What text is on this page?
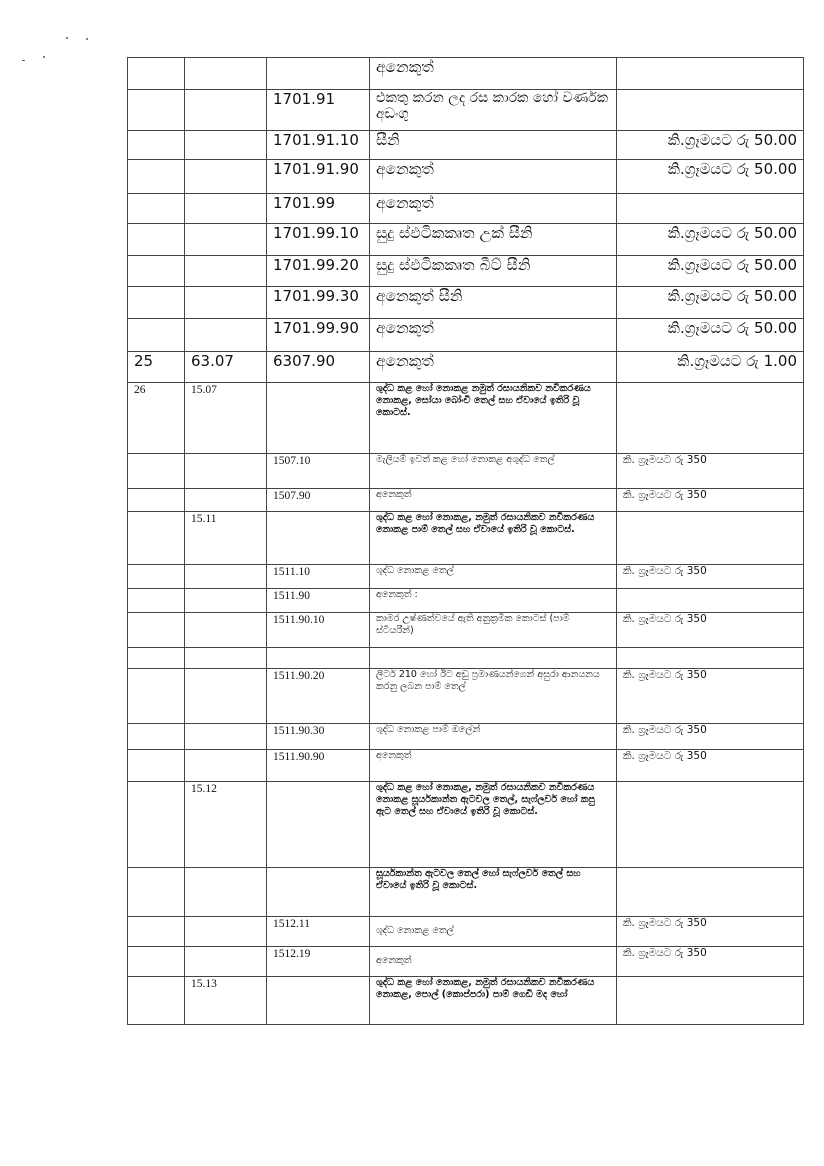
			අනෙකුත්	
		1701.91	එකතු කරන ලද රස කාරක හෝ වර්ණක අඩංගු	
		1701.91.10	සීනි	කි.ග්‍රෑමයට රු 50.00
		1701.91.90	අනෙකුත්	කි.ග්‍රෑමයට රු 50.00
		1701.99	අනෙකුත්	
		1701.99.10	සුදු ස්ඵටිකකෘත උක් සීනි	කි.ග්‍රෑමයට රු 50.00
		1701.99.20	සුදු ස්ඵටිකකෘත බීට් සීනි	කි.ග්‍රෑමයට රු 50.00
		1701.99.30	අනෙකුත් සීනි	කි.ග්‍රෑමයට රු 50.00
		1701.99.90	අනෙකුත්	කි.ග්‍රෑමයට රු 50.00
25	63.07	6307.90	අනෙකුත්	කි.ග්‍රෑමයට රු 1.00
26	15.07		ශුද්ධ කළ හෝ නොකළ නමුත් රසායනිකව නවීකරණය නොකළ, සෝයා බෝංචි තෙල් සහ ඒවායේ ඉතිරි වූ කොටස්.	
		1507.10	මැලියම් ඉවත් කළ හෝ නොකළ අශුද්ධ තෙල්	කි. ග්‍රෑමයට රු 350
		1507.90	අනෙකුත්	කි. ග්‍රෑමයට රු 350
	15.11		ශුද්ධ කළ හෝ නොකළ, නමුත් රසායනිකව නවීකරණය නොකළ පාම් තෙල් සහ ඒවායේ ඉතිරි වූ කොටස්.	
		1511.10	ශුද්ධ නොකළ තෙල්	කි. ග්‍රෑමයට රු 350
		1511.90	අනෙකුත් :	
		1511.90.10	කාමර උෂ්ණත්වයේ ඇති අනුක්‍රමික කොටස් (පාම් ස්ටියරීන්)	කි. ග්‍රෑමයට රු 350

		1511.90.20	ලීටර් 210 හෝ ඊට අඩු ප්‍රමාණයන්ගෙන් අසුරා ආනයනය කරනු ලබන පාම් තෙල්	කි. ග්‍රෑමයට රු 350
		1511.90.30	ශුද්ධ නොකළ පාම් ඔලේන්	කි. ග්‍රෑමයට රු 350
		1511.90.90	අනෙකුත්	කි. ග්‍රෑමයට රු 350
	15.12		ශුද්ධ කළ හෝ නොකළ, නමුත් රසායනිකව නවීකරණය නොකළ සූර්යකාන්ත ඇටවල තෙල්, සැෆ්ලවර් හෝ කපු ඇට තෙල් සහ ඒවායේ ඉතිරි වූ කොටස්.	
			සූර්යකාන්ත ඇටවල තෙල් හෝ සැෆ්ලවර් තෙල් සහ ඒවායේ ඉතිරි වූ කොටස්.	
		1512.11	ශුද්ධ නොකළ තෙල්	කි. ග්‍රෑමයට රු 350
		1512.19	අනෙකුත්	කි. ග්‍රෑමයට රු 350
	15.13		ශුද්ධ කළ හෝ නොකළ, නමුත් රසායනිකව නවීකරණය නොකළ, පොල් (කොප්පරා) පාම් ගෙඩි මද හෝ	
